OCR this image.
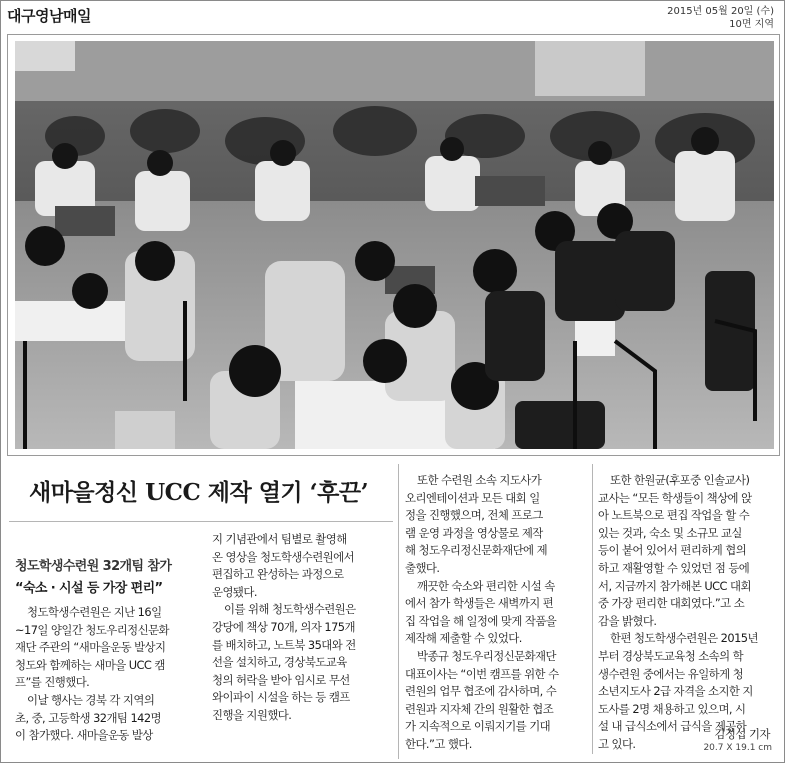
대구영남매일	2015년 05월 20일 (수)
10면 지역
새마을정신 UCC 제작 열기 ‘후끈’
청도학생수련원 32개팀 참가
“숙소 · 시설 등 가장 편리”
청도학생수련원은 지난 16일
~17일 양일간 청도우리정신문화
재단 주관의 “새마을운동 발상지
청도와 함께하는 새마을 UCC 캠
프”를 진행했다.
이날 행사는 경북 각 지역의
초, 중, 고등학생 32개팀 142명
이 참가했다. 새마을운동 발상
지 기념관에서 팀별로 촬영해
온 영상을 청도학생수련원에서
편집하고 완성하는 과정으로
운영됐다.
이를 위해 청도학생수련원은
강당에 책상 70개, 의자 175개
를 배치하고, 노트북 35대와 전
선을 설치하고, 경상북도교육
청의 허락을 받아 임시로 무선
와이파이 시설을 하는 등 캠프
진행을 지원했다.
또한 수련원 소속 지도사가
오리엔테이션과 모든 대회 일
정을 진행했으며, 전체 프로그
램 운영 과정을 영상물로 제작
해 청도우리정신문화재단에 제
출했다.
깨끗한 숙소와 편리한 시설 속
에서 참가 학생들은 새벽까지 편
집 작업을 해 일정에 맞게 작품을
제작해 제출할 수 있었다.
박종규 청도우리정신문화재단
대표이사는 “이번 캠프를 위한 수
련원의 업무 협조에 감사하며, 수
련원과 지자체 간의 원활한 협조
가 지속적으로 이뤄지기를 기대
한다.”고 했다.
또한 한원균(후포중 인솔교사)
교사는 “모든 학생들이 책상에 앉
아 노트북으로 편집 작업을 할 수
있는 것과, 숙소 및 소규모 교실
등이 붙어 있어서 편리하게 협의
하고 재활영할 수 있었던 점 등에
서, 지금까지 참가해본 UCC 대회
중 가장 편리한 대회였다.”고 소
감을 밝혔다.
한편 청도학생수련원은 2015년
부터 경상북도교육청 소속의 학
생수련원 중에서는 유일하게 청
소년지도사 2급 자격을 소지한 지
도사를 2명 채용하고 있으며, 시
설 내 급식소에서 급식을 제공하
고 있다.
김정섭 기자
20.7 X 19.1 cm
